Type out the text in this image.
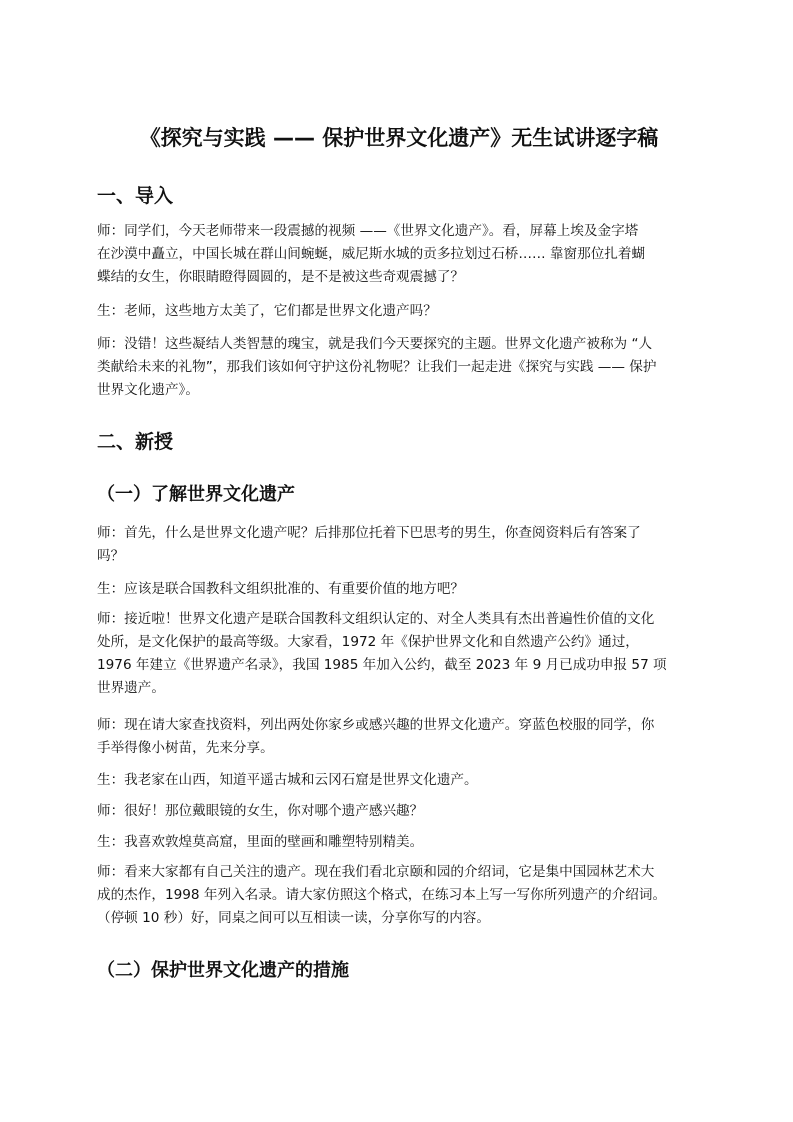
《探究与实践 —— 保护世界文化遗产》无生试讲逐字稿
一、导入

师：同学们，今天老师带来一段震撼的视频 ——《世界文化遗产》。看，屏幕上埃及金字塔
在沙漠中矗立，中国长城在群山间蜿蜒，威尼斯水城的贡多拉划过石桥…… 靠窗那位扎着蝴
蝶结的女生，你眼睛瞪得圆圆的，是不是被这些奇观震撼了？

生：老师，这些地方太美了，它们都是世界文化遗产吗？

师：没错！这些凝结人类智慧的瑰宝，就是我们今天要探究的主题。世界文化遗产被称为 “人
类献给未来的礼物”，那我们该如何守护这份礼物呢？让我们一起走进《探究与实践 —— 保护
世界文化遗产》。

二、新授
（一）了解世界文化遗产

师：首先，什么是世界文化遗产呢？后排那位托着下巴思考的男生，你查阅资料后有答案了
吗？

生：应该是联合国教科文组织批准的、有重要价值的地方吧？

师：接近啦！世界文化遗产是联合国教科文组织认定的、对全人类具有杰出普遍性价值的文化
处所，是文化保护的最高等级。大家看，1972 年《保护世界文化和自然遗产公约》通过，
1976 年建立《世界遗产名录》，我国 1985 年加入公约，截至 2023 年 9 月已成功申报 57 项
世界遗产。

师：现在请大家查找资料，列出两处你家乡或感兴趣的世界文化遗产。穿蓝色校服的同学，你
手举得像小树苗，先来分享。

生：我老家在山西，知道平遥古城和云冈石窟是世界文化遗产。

师：很好！那位戴眼镜的女生，你对哪个遗产感兴趣？

生：我喜欢敦煌莫高窟，里面的壁画和雕塑特别精美。

师：看来大家都有自己关注的遗产。现在我们看北京颐和园的介绍词，它是集中国园林艺术大
成的杰作，1998 年列入名录。请大家仿照这个格式，在练习本上写一写你所列遗产的介绍词。
（停顿 10 秒）好，同桌之间可以互相读一读，分享你写的内容。

（二）保护世界文化遗产的措施
